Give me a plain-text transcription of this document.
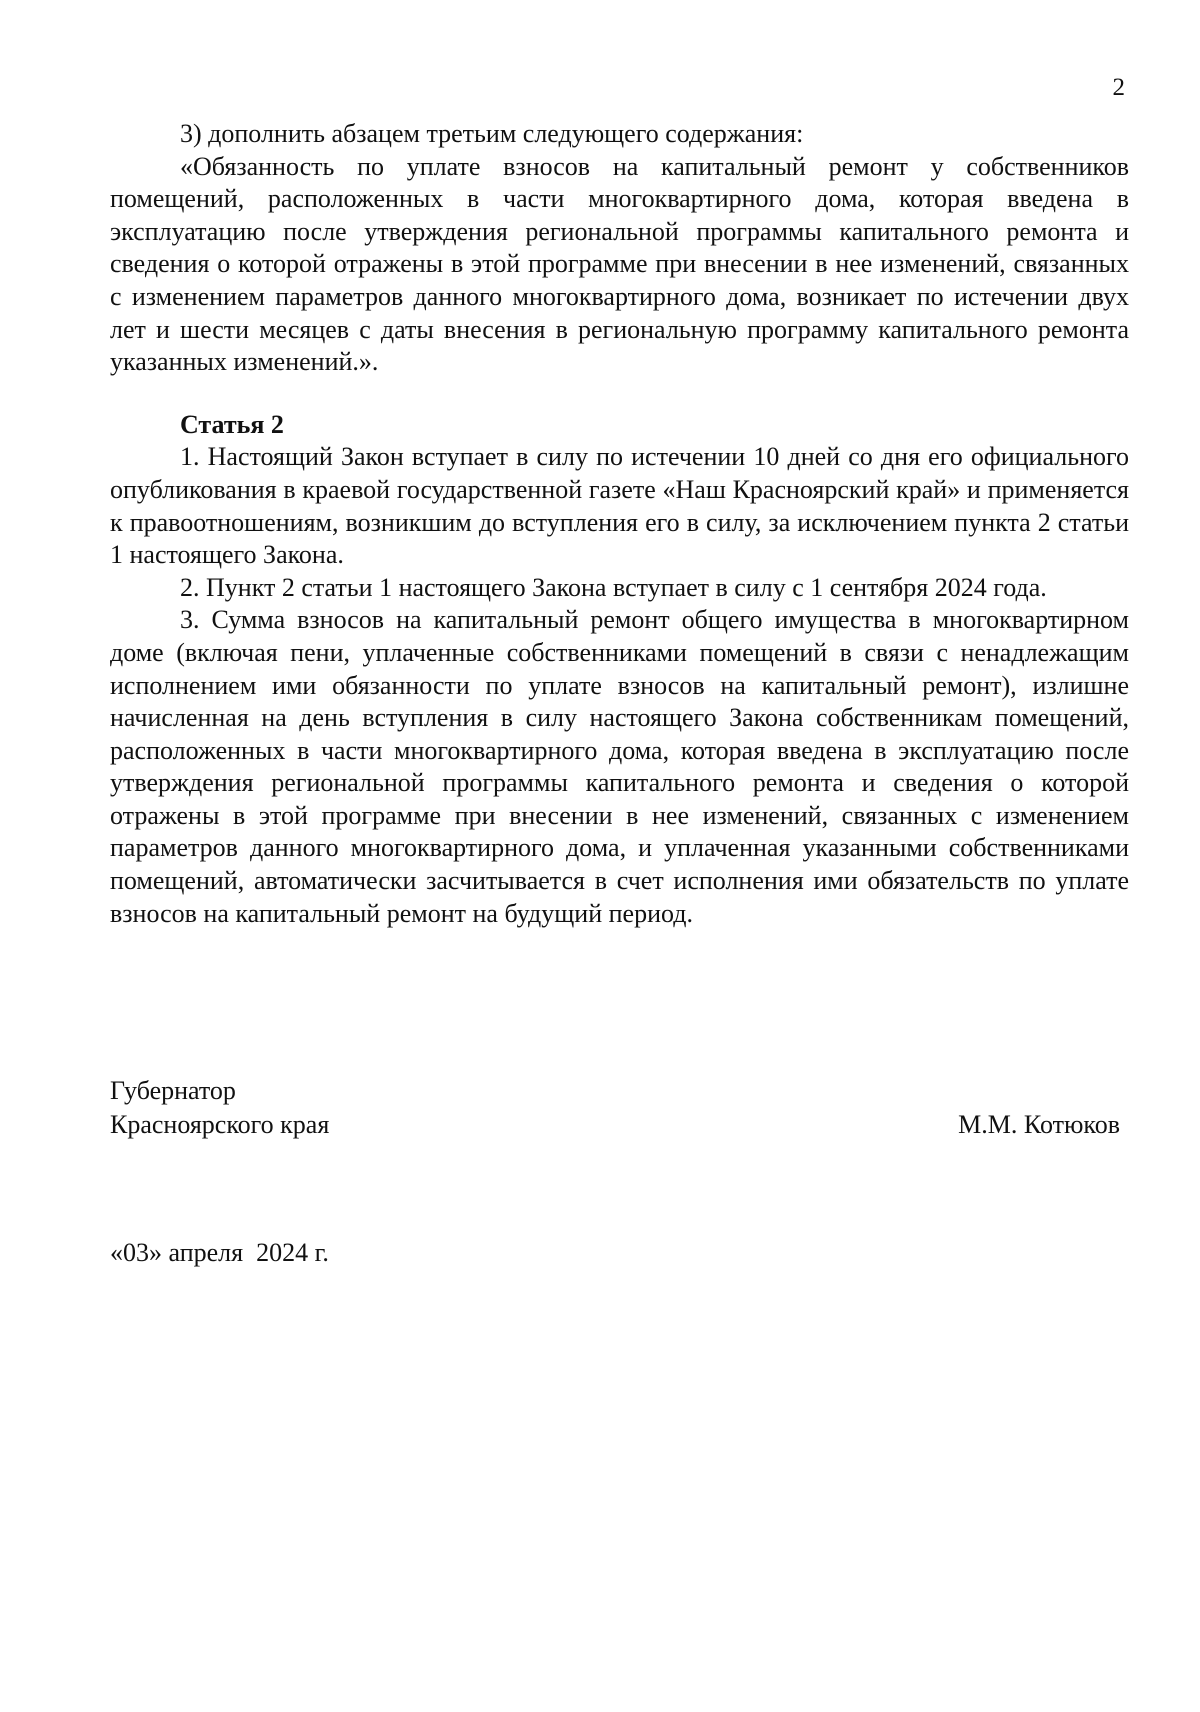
2

3) дополнить абзацем третьим следующего содержания:

«Обязанность по уплате взносов на капитальный ремонт у собственников помещений, расположенных в части многоквартирного дома, которая введена в эксплуатацию после утверждения региональной программы капитального ремонта и сведения о которой отражены в этой программе при внесении в нее изменений, связанных с изменением параметров данного многоквартирного дома, возникает по истечении двух лет и шести месяцев с даты внесения в региональную программу капитального ремонта указанных изменений.».

Статья 2

1. Настоящий Закон вступает в силу по истечении 10 дней со дня его официального опубликования в краевой государственной газете «Наш Красноярский край» и применяется к правоотношениям, возникшим до вступления его в силу, за исключением пункта 2 статьи 1 настоящего Закона.

2. Пункт 2 статьи 1 настоящего Закона вступает в силу с 1 сентября 2024 года.

3. Сумма взносов на капитальный ремонт общего имущества в многоквартирном доме (включая пени, уплаченные собственниками помещений в связи с ненадлежащим исполнением ими обязанности по уплате взносов на капитальный ремонт), излишне начисленная на день вступления в силу настоящего Закона собственникам помещений, расположенных в части многоквартирного дома, которая введена в эксплуатацию после утверждения региональной программы капитального ремонта и сведения о которой отражены в этой программе при внесении в нее изменений, связанных с изменением параметров данного многоквартирного дома, и уплаченная указанными собственниками помещений, автоматически засчитывается в счет исполнения ими обязательств по уплате взносов на капитальный ремонт на будущий период.

Губернатор
Красноярского края	М.М. Котюков
«03» апреля  2024 г.
